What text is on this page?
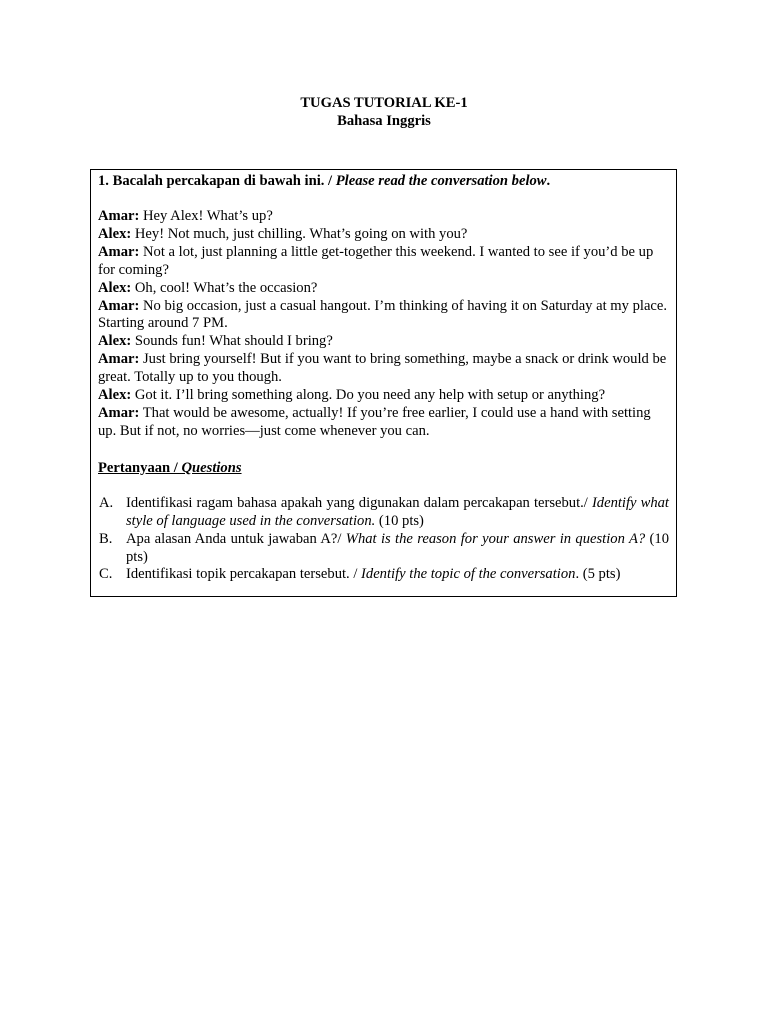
TUGAS TUTORIAL KE-1
Bahasa Inggris
1. Bacalah percakapan di bawah ini. / Please read the conversation below.
Amar: Hey Alex! What’s up?
Alex: Hey! Not much, just chilling. What’s going on with you?
Amar: Not a lot, just planning a little get-together this weekend. I wanted to see if you’d be up for coming?
Alex: Oh, cool! What’s the occasion?
Amar: No big occasion, just a casual hangout. I’m thinking of having it on Saturday at my place. Starting around 7 PM.
Alex: Sounds fun! What should I bring?
Amar: Just bring yourself! But if you want to bring something, maybe a snack or drink would be great. Totally up to you though.
Alex: Got it. I’ll bring something along. Do you need any help with setup or anything?
Amar: That would be awesome, actually! If you’re free earlier, I could use a hand with setting up. But if not, no worries—just come whenever you can.
Pertanyaan / Questions
A. Identifikasi ragam bahasa apakah yang digunakan dalam percakapan tersebut./ Identify what style of language used in the conversation. (10 pts)
B. Apa alasan Anda untuk jawaban A?/ What is the reason for your answer in question A? (10 pts)
C. Identifikasi topik percakapan tersebut. / Identify the topic of the conversation. (5 pts)
